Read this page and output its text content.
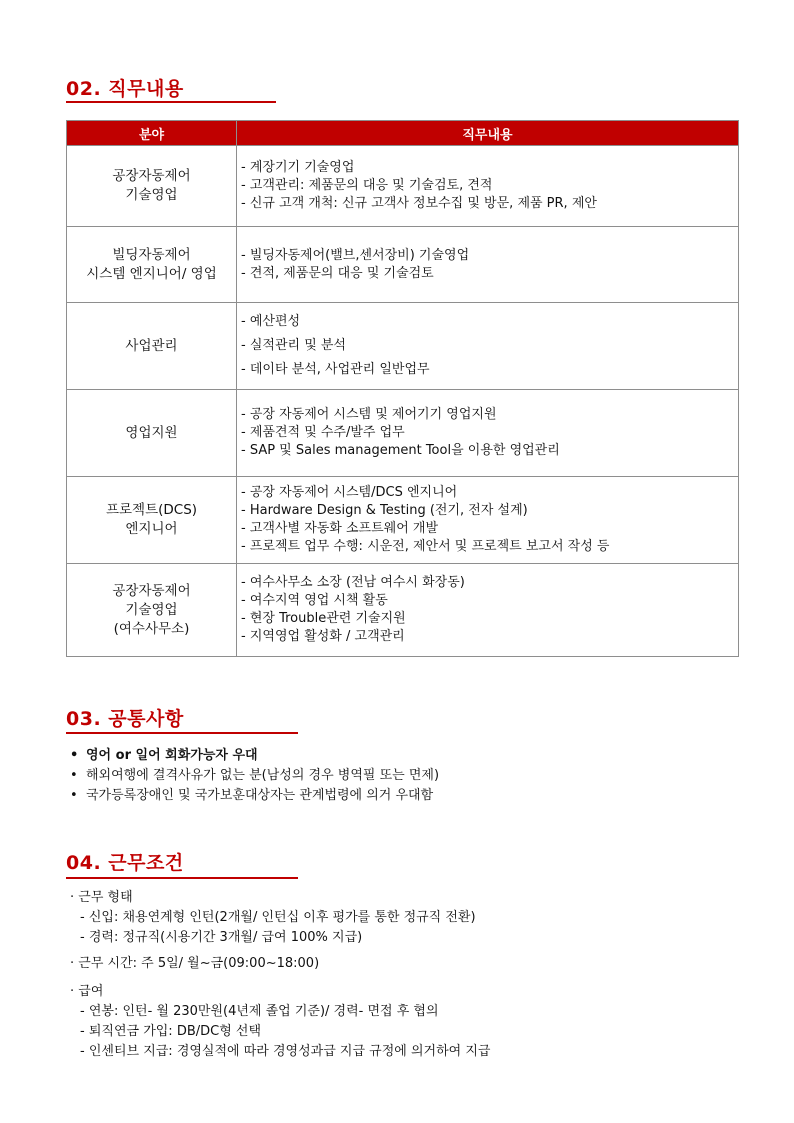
02. 직무내용
분야	직무내용

공장자동제어
기술영업	- 계장기기 기술영업
- 고객관리: 제품문의 대응 및 기술검토, 견적
- 신규 고객 개척: 신규 고객사 정보수집 및 방문, 제품 PR, 제안

빌딩자동제어
시스템 엔지니어/ 영업	- 빌딩자동제어(밸브,센서장비) 기술영업
- 견적, 제품문의 대응 및 기술검토

사업관리	- 예산편성
- 실적관리 및 분석
- 데이타 분석, 사업관리 일반업무

영업지원	- 공장 자동제어 시스템 및 제어기기 영업지원
- 제품견적 및 수주/발주 업무
- SAP 및 Sales management Tool을 이용한 영업관리

프로젝트(DCS)
엔지니어	- 공장 자동제어 시스템/DCS 엔지니어
- Hardware Design & Testing (전기, 전자 설계)
- 고객사별 자동화 소프트웨어 개발
- 프로젝트 업무 수행: 시운전, 제안서 및 프로젝트 보고서 작성 등

공장자동제어
기술영업
(여수사무소)	- 여수사무소 소장 (전남 여수시 화장동)
- 여수지역 영업 시책 활동
- 현장 Trouble관련 기술지원
- 지역영업 활성화 / 고객관리
03. 공통사항
• 영어 or 일어 회화가능자 우대
• 해외여행에 결격사유가 없는 분(남성의 경우 병역필 또는 면제)
• 국가등록장애인 및 국가보훈대상자는 관계법령에 의거 우대함
04. 근무조건
· 근무 형태
- 신입: 채용연계형 인턴(2개월/ 인턴십 이후 평가를 통한 정규직 전환)
- 경력: 정규직(시용기간 3개월/ 급여 100% 지급)
· 근무 시간: 주 5일/ 월~금(09:00~18:00)
· 급여
- 연봉: 인턴- 월 230만원(4년제 졸업 기준)/ 경력- 면접 후 협의
- 퇴직연금 가입: DB/DC형 선택
- 인센티브 지급: 경영실적에 따라 경영성과급 지급 규정에 의거하여 지급
